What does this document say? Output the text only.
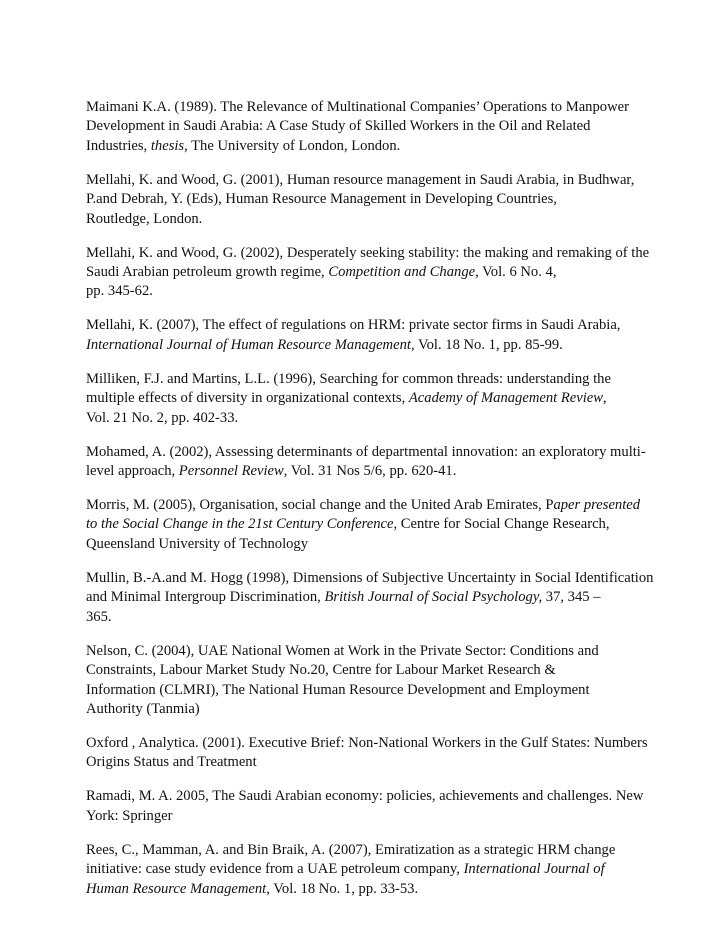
Maimani K.A. (1989). The Relevance of Multinational Companies’ Operations to Manpower
Development in Saudi Arabia: A Case Study of Skilled Workers in the Oil and Related
Industries, thesis, The University of London, London.

Mellahi, K. and Wood, G. (2001), Human resource management in Saudi Arabia, in Budhwar,
P.and Debrah, Y. (Eds), Human Resource Management in Developing Countries,
Routledge, London.

Mellahi, K. and Wood, G. (2002), Desperately seeking stability: the making and remaking of the
Saudi Arabian petroleum growth regime, Competition and Change, Vol. 6 No. 4,
pp. 345-62.

Mellahi, K. (2007), The effect of regulations on HRM: private sector firms in Saudi Arabia,
International Journal of Human Resource Management, Vol. 18 No. 1, pp. 85-99.

Milliken, F.J. and Martins, L.L. (1996), Searching for common threads: understanding the
multiple effects of diversity in organizational contexts, Academy of Management Review,
Vol. 21 No. 2, pp. 402-33.

Mohamed, A. (2002), Assessing determinants of departmental innovation: an exploratory multi-
level approach, Personnel Review, Vol. 31 Nos 5/6, pp. 620-41.

Morris, M. (2005), Organisation, social change and the United Arab Emirates, Paper presented
to the Social Change in the 21st Century Conference, Centre for Social Change Research,
Queensland University of Technology

Mullin, B.-A.and M. Hogg (1998), Dimensions of Subjective Uncertainty in Social Identification
and Minimal Intergroup Discrimination, British Journal of Social Psychology, 37, 345 –
365.

Nelson, C. (2004), UAE National Women at Work in the Private Sector: Conditions and
Constraints, Labour Market Study No.20, Centre for Labour Market Research &
Information (CLMRI), The National Human Resource Development and Employment
Authority (Tanmia)

Oxford , Analytica. (2001). Executive Brief: Non-National Workers in the Gulf States: Numbers
Origins Status and Treatment

Ramadi, M. A. 2005, The Saudi Arabian economy: policies, achievements and challenges. New
York: Springer

Rees, C., Mamman, A. and Bin Braik, A. (2007), Emiratization as a strategic HRM change
initiative: case study evidence from a UAE petroleum company, International Journal of
Human Resource Management, Vol. 18 No. 1, pp. 33-53.
